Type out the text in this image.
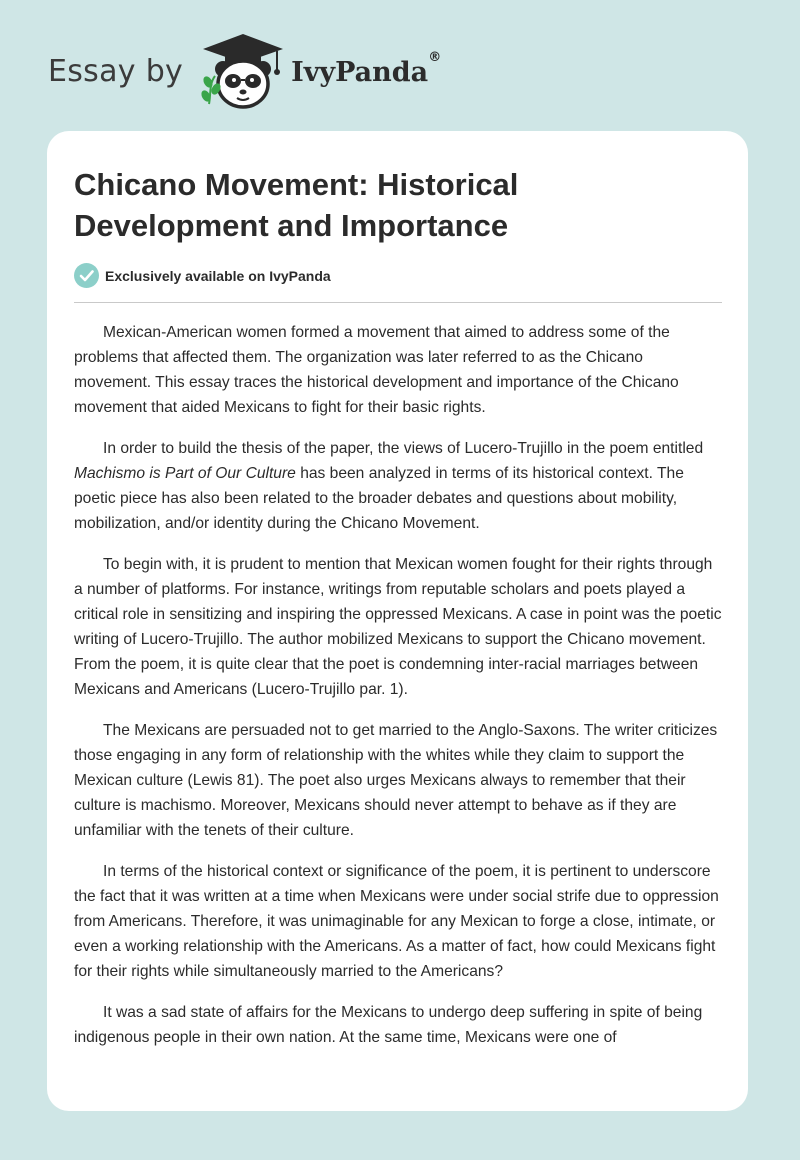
Essay by	IvyPanda®
Chicano Movement: Historical Development and Importance
Exclusively available on IvyPanda

Mexican-American women formed a movement that aimed to address some of the problems that affected them. The organization was later referred to as the Chicano movement. This essay traces the historical development and importance of the Chicano movement that aided Mexicans to fight for their basic rights.

In order to build the thesis of the paper, the views of Lucero-Trujillo in the poem entitled Machismo is Part of Our Culture has been analyzed in terms of its historical context. The poetic piece has also been related to the broader debates and questions about mobility, mobilization, and/or identity during the Chicano Movement.

To begin with, it is prudent to mention that Mexican women fought for their rights through a number of platforms. For instance, writings from reputable scholars and poets played a critical role in sensitizing and inspiring the oppressed Mexicans. A case in point was the poetic writing of Lucero-Trujillo. The author mobilized Mexicans to support the Chicano movement. From the poem, it is quite clear that the poet is condemning inter-racial marriages between Mexicans and Americans (Lucero-Trujillo par. 1).

The Mexicans are persuaded not to get married to the Anglo-Saxons. The writer criticizes those engaging in any form of relationship with the whites while they claim to support the Mexican culture (Lewis 81). The poet also urges Mexicans always to remember that their culture is machismo. Moreover, Mexicans should never attempt to behave as if they are unfamiliar with the tenets of their culture.

In terms of the historical context or significance of the poem, it is pertinent to underscore the fact that it was written at a time when Mexicans were under social strife due to oppression from Americans. Therefore, it was unimaginable for any Mexican to forge a close, intimate, or even a working relationship with the Americans. As a matter of fact, how could Mexicans fight for their rights while simultaneously married to the Americans?

It was a sad state of affairs for the Mexicans to undergo deep suffering in spite of being indigenous people in their own nation. At the same time, Mexicans were one of
